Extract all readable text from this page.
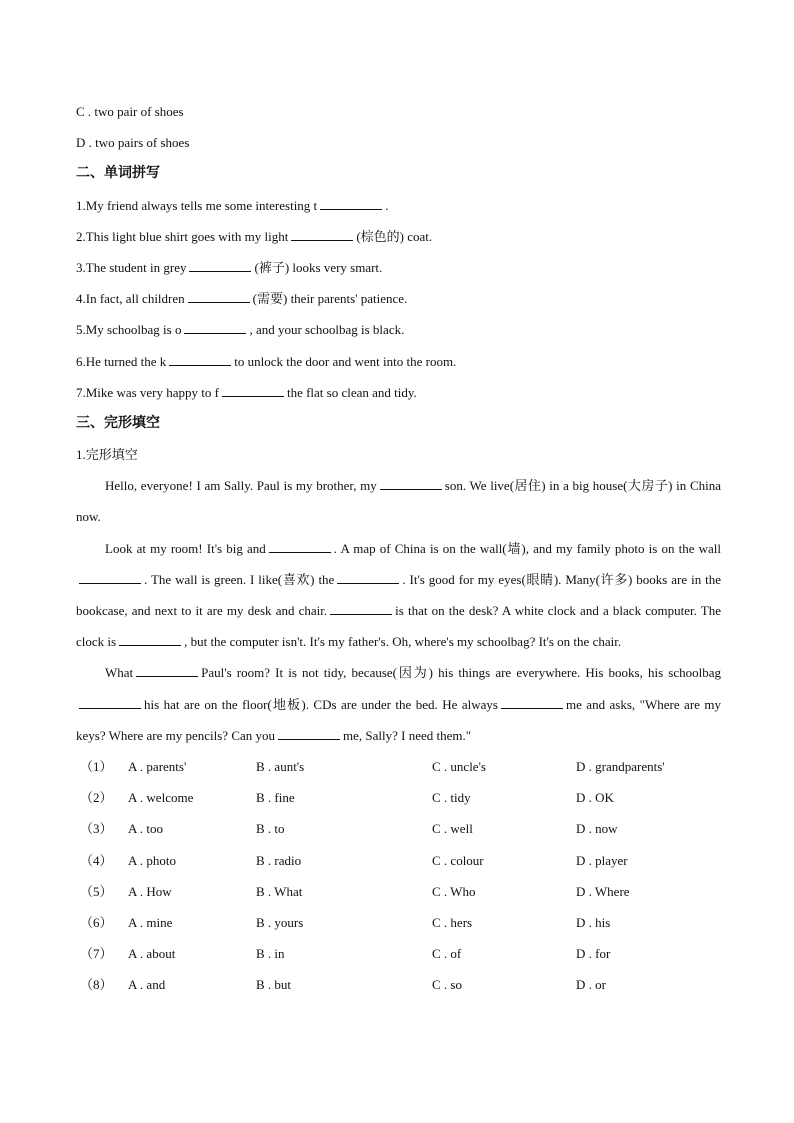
C . two pair of shoes
D . two pairs of shoes
二、单词拼写
1.My friend always tells me some interesting t	.
2.This light blue shirt goes with my light	(棕色的) coat.
3.The student in grey	(裤子) looks very smart.
4.In fact, all children	(需要) their parents' patience.
5.My schoolbag is o	, and your schoolbag is black.
6.He turned the k	to unlock the door and went into the room.
7.Mike was very happy to f	the flat so clean and tidy.
三、完形填空
1.完形填空

Hello, everyone! I am Sally. Paul is my brother, my	son. We live(居住) in a big house(大房子) in China now.

Look at my room! It's big and	. A map of China is on the wall(墙), and my family photo is on the wall. The wall is green. I like(喜欢) the	. It's good for my eyes(眼睛). Many(许多) books are in the bookcase, and next to it are my desk and chair.	is that on the desk? A white clock and a black computer. The clock is	, but the computer isn't. It's my father's. Oh, where's my schoolbag? It's on the chair.

What	Paul's room? It is not tidy, because(因为) his things are everywhere. His books, his schoolbaghis hat are on the floor(地板). CDs are under the bed. He always	me and asks, "Where are my keys? Where are my pencils? Can you	me, Sally? I need them."

（1） A . parents'	B . aunt's	C . uncle's	D . grandparents'
（2） A . welcome	B . fine	C . tidy	D . OK
（3） A . too	B . to	C . well	D . now
（4） A . photo	B . radio	C . colour	D . player
（5） A . How	B . What	C . Who	D . Where
（6） A . mine	B . yours	C . hers	D . his
（7） A . about	B . in	C . of	D . for
（8） A . and	B . but	C . so	D . or
